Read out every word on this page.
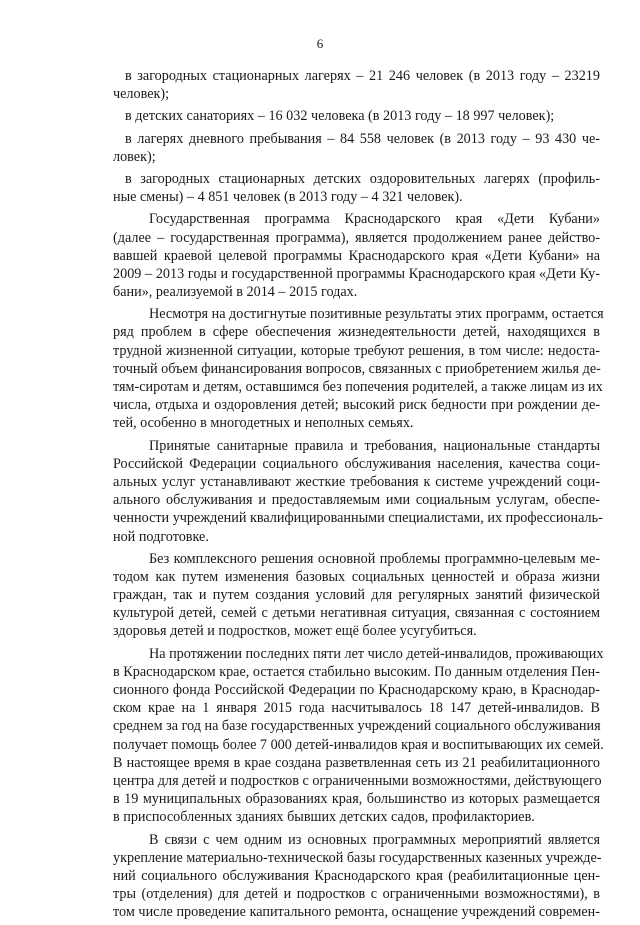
6
в загородных стационарных лагерях – 21 246 человек (в 2013 году – 23219
человек);
в детских санаториях – 16 032 человека (в 2013 году – 18 997 человек);
в лагерях дневного пребывания – 84 558 человек (в 2013 году – 93 430 че-
ловек);
в загородных стационарных детских оздоровительных лагерях (профиль-
ные смены) – 4 851 человек (в 2013 году – 4 321 человек).
Государственная программа Краснодарского края «Дети Кубани»
(далее – государственная программа), является продолжением ранее действо-
вавшей краевой целевой программы Краснодарского края «Дети Кубани» на
2009 – 2013 годы и государственной программы Краснодарского края «Дети Ку-
бани», реализуемой в 2014 – 2015 годах.
Несмотря на достигнутые позитивные результаты этих программ, остается
ряд проблем в сфере обеспечения жизнедеятельности детей, находящихся в
трудной жизненной ситуации, которые требуют решения, в том числе: недоста-
точный объем финансирования вопросов, связанных с приобретением жилья де-
тям-сиротам и детям, оставшимся без попечения родителей, а также лицам из их
числа, отдыха и оздоровления детей; высокий риск бедности при рождении де-
тей, особенно в многодетных и неполных семьях.
Принятые санитарные правила и требования, национальные стандарты
Российской Федерации социального обслуживания населения, качества соци-
альных услуг устанавливают жесткие требования к системе учреждений соци-
ального обслуживания и предоставляемым ими социальным услугам, обеспе-
ченности учреждений квалифицированными специалистами, их профессиональ-
ной подготовке.
Без комплексного решения основной проблемы программно-целевым ме-
тодом как путем изменения базовых социальных ценностей и образа жизни
граждан, так и путем создания условий для регулярных занятий физической
культурой детей, семей с детьми негативная ситуация, связанная с состоянием
здоровья детей и подростков, может ещё более усугубиться.
На протяжении последних пяти лет число детей-инвалидов, проживающих
в Краснодарском крае, остается стабильно высоким. По данным отделения Пен-
сионного фонда Российской Федерации по Краснодарскому краю, в Краснодар-
ском крае на 1 января 2015 года насчитывалось 18 147 детей-инвалидов. В
среднем за год на базе государственных учреждений социального обслуживания
получает помощь более 7 000 детей-инвалидов края и воспитывающих их семей.
В настоящее время в крае создана разветвленная сеть из 21 реабилитационного
центра для детей и подростков с ограниченными возможностями, действующего
в 19 муниципальных образованиях края, большинство из которых размещается
в приспособленных зданиях бывших детских садов, профилакториев.
В связи с чем одним из основных программных мероприятий является
укрепление материально-технической базы государственных казенных учрежде-
ний социального обслуживания Краснодарского края (реабилитационные цен-
тры (отделения) для детей и подростков с ограниченными возможностями), в
том числе проведение капитального ремонта, оснащение учреждений современ-
